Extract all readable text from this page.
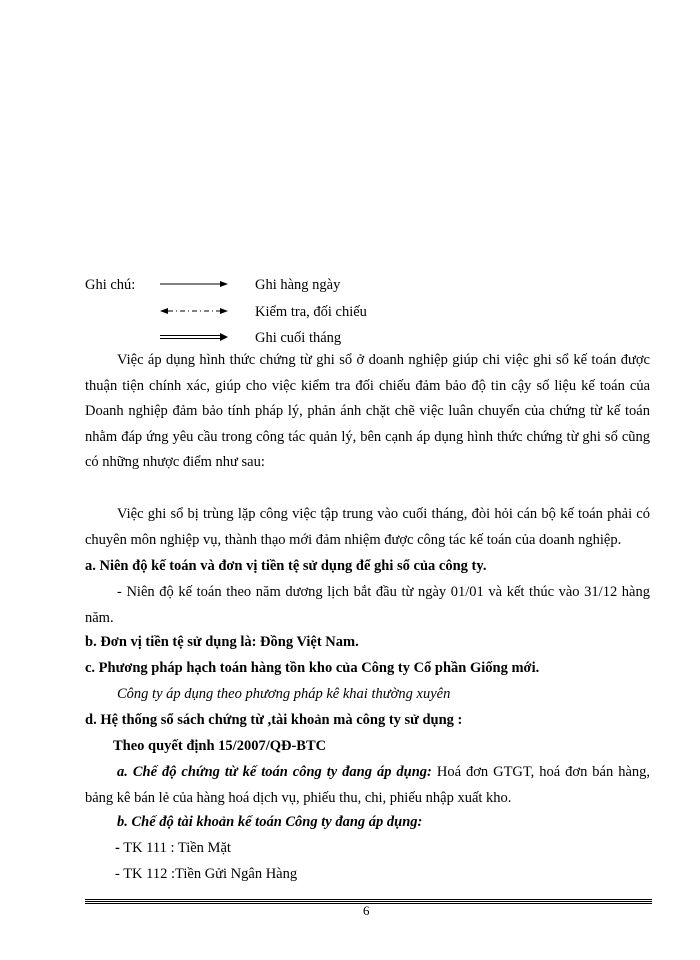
Ghi chú:	Ghi hàng ngày
Kiểm tra, đối chiếu
Ghi cuối tháng
Việc áp dụng hình thức chứng từ ghi sổ ở doanh nghiệp giúp chi việc ghi sổ kế toán được thuận tiện chính xác, giúp cho việc kiểm tra đối chiếu đảm bảo độ tin cậy số liệu kế toán của Doanh nghiệp đảm bảo tính pháp lý, phản ánh chặt chẽ việc luân chuyển của chứng từ kế toán nhằm đáp ứng yêu cầu trong công tác quản lý, bên cạnh áp dụng hình thức chứng từ ghi sổ cũng có những nhược điểm như sau:
Việc ghi sổ bị trùng lặp công việc tập trung vào cuối tháng, đòi hỏi cán bộ kế toán phải có chuyên môn nghiệp vụ, thành thạo mới đảm nhiệm được công tác kế toán của doanh nghiệp.
a. Niên độ kế toán và đơn vị tiền tệ sử dụng để ghi sổ của công ty.
- Niên độ kế toán theo năm dương lịch bắt đầu từ ngày 01/01 và kết thúc vào 31/12 hàng năm.
b. Đơn vị tiền tệ sử dụng là: Đồng Việt Nam.
c. Phương pháp hạch toán hàng tồn kho của Công ty Cổ phần Giống mới.
Công ty áp dụng theo phương pháp kê khai thường xuyên
d. Hệ thống sổ sách chứng từ ,tài khoản mà công ty sử dụng :
Theo quyết định 15/2007/QĐ-BTC
a. Chế độ chứng từ kế toán công ty đang áp dụng: Hoá đơn GTGT, hoá đơn bán hàng, bảng kê bán lẻ của hàng hoá dịch vụ, phiếu thu, chi, phiếu nhập xuất kho.
b. Chế độ tài khoản kế toán Công ty đang áp dụng:
- TK 111 : Tiền Mặt
- TK 112 :Tiền Gửi Ngân Hàng
6
